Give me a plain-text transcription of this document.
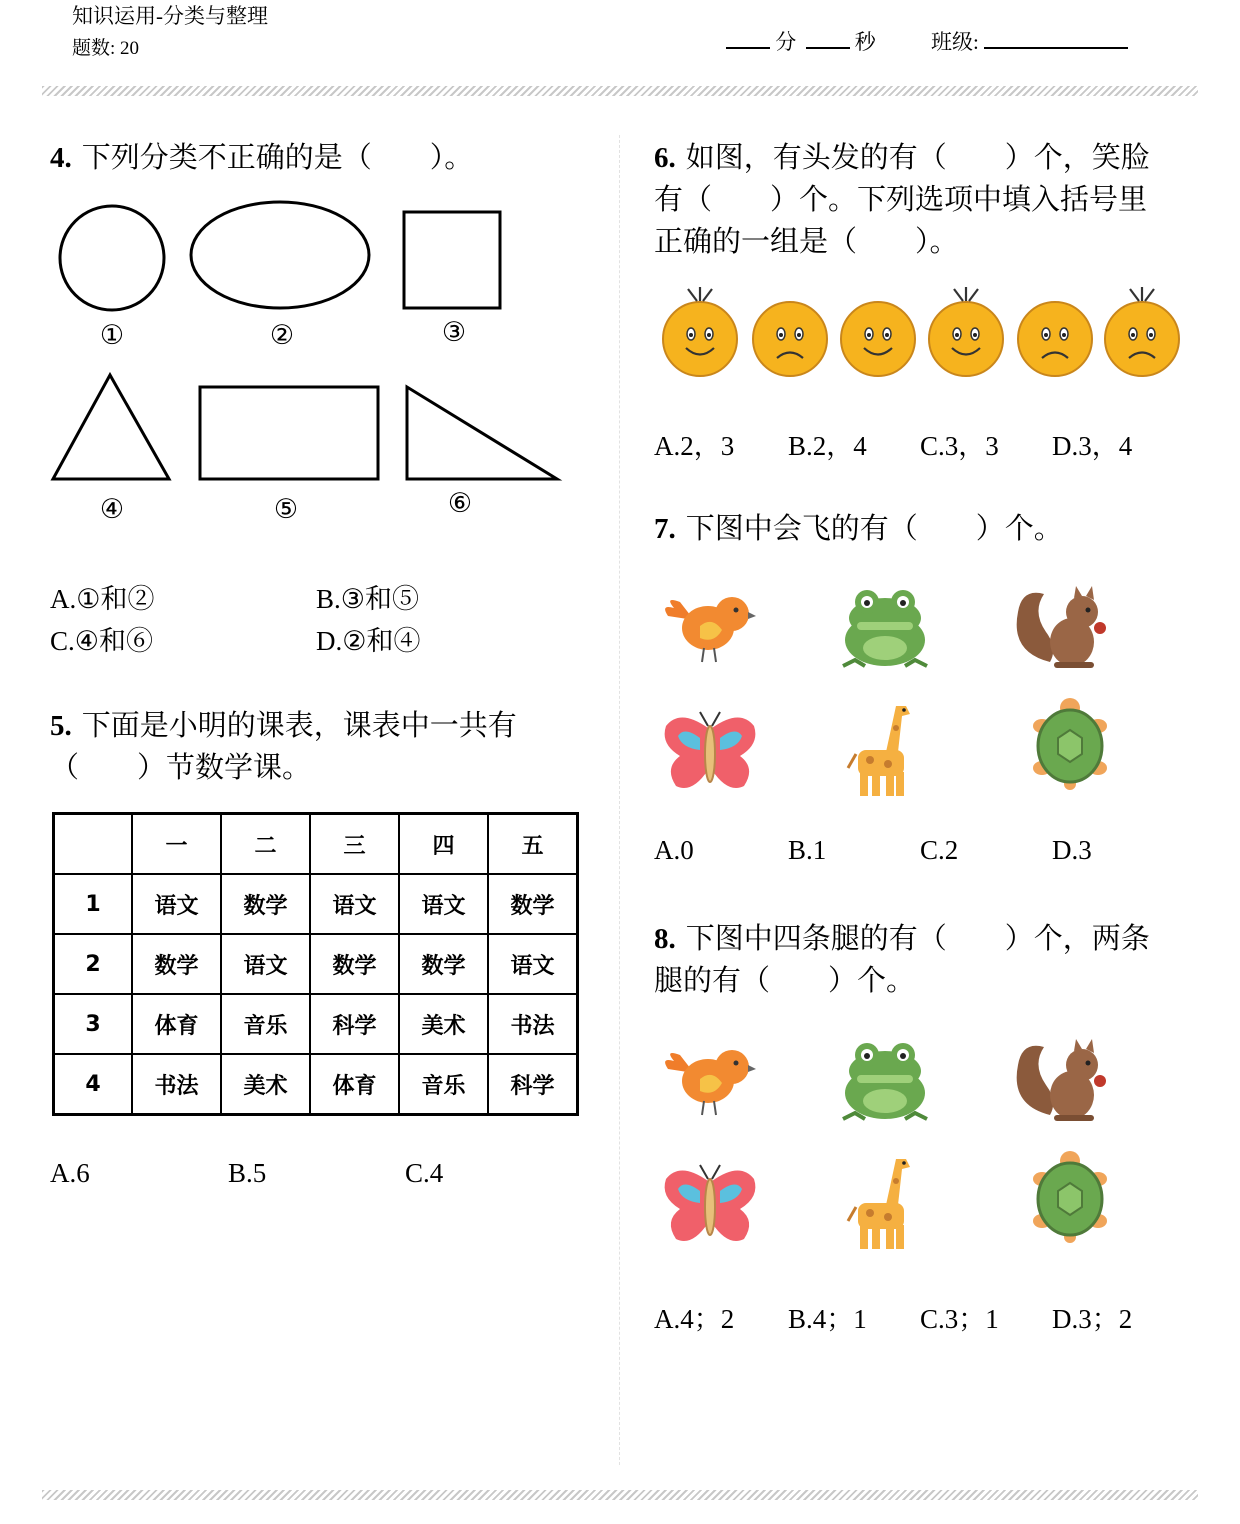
知识运用-分类与整理
题数: 20	分	秒	班级:
4. 下列分类不正确的是（　　）。
①	②	③
④	⑤	⑥
A.①和②	B.③和⑤
C.④和⑥	D.②和④
5. 下面是小明的课表，课表中一共有
（　　）节数学课。
	一	二	三	四	五
1	语文	数学	语文	语文	数学
2	数学	语文	数学	数学	语文
3	体育	音乐	科学	美术	书法
4	书法	美术	体育	音乐	科学
A.6	B.5	C.4
6. 如图，有头发的有（　　）个，笑脸
有（　　）个。下列选项中填入括号里
正确的一组是（　　）。
A.2，3 B.2，4 C.3，3 D.3，4
7. 下图中会飞的有（　　）个。
A.0	B.1	C.2	D.3
8. 下图中四条腿的有（　　）个，两条
腿的有（　　）个。
A.4；2 B.4；1 C.3；1 D.3；2
